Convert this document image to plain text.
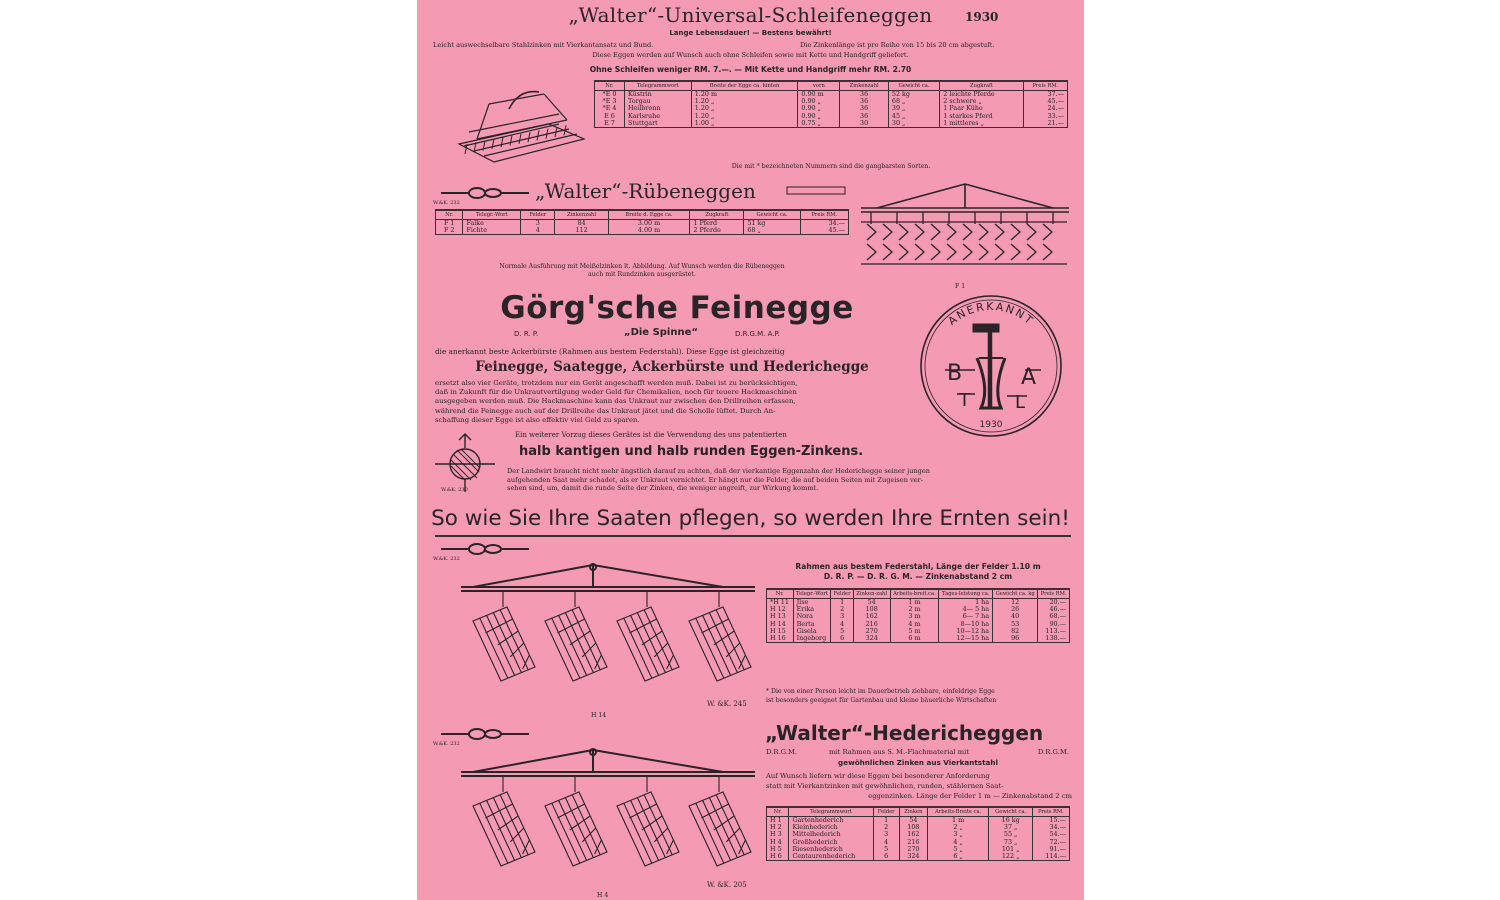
„Walter“-Universal-Schleifeneggen	1930
Lange Lebensdauer! — Bestens bewährt!
Leicht auswechselbare Stahlzinken mit Vierkantansatz und Bund.	Die Zinkenlänge ist pro Reihe von 15 bis 20 cm abgestuft.
Diese Eggen werden auf Wunsch auch ohne Schleifen sowie mit Kette und Handgriff geliefert.
Ohne Schleifen weniger RM. 7.—. — Mit Kette und Handgriff mehr RM. 2.70
Nr.	Telegrammwort	Breite der Egge ca. hinten	vorn	Zinkenzahl	Gewicht ca.	Zugkraft	Preis RM.
*E 0	Küstrin	1.20 m	0.90 m	36	52 kg	2 leichte Pferde	37.—
*E 3	Torgau	1.20 „	0.90 „	36	68 „	2 schwere „	45.—
*E 4	Heilbronn	1.20 „	0.90 „	36	39 „	1 Paar Kühe	24.—
E 6	Karlsruhe	1.20 „	0.90 „	36	45 „	1 starkes Pferd	33.—
E 7	Stuttgart	1.00 „	0.75 „	30	30 „	1 mittleres „	21.—
Die mit * bezeichneten Nummern sind die gangbarsten Sorten.
W.&K. 232	„Walter“-Rübeneggen
Nr.	Telegr.-Wort	Felder	Zinkenzahl	Breite d. Egge ca.	Zugkraft	Gewicht ca.	Preis RM.
F 1	Falke	3	84	3.00 m	1 Pferd	51 kg	34.—
F 2	Fichte	4	112	4.00 m	2 Pferde	68 „	45.—
Normale Ausführung mit Meißelzinken lt. Abbildung. Auf Wunsch werden die Rübeneggen
auch mit Rundzinken ausgerüstet.
F 1
Görg'sche Feinegge
D. R. P.	„Die Spinne“	D.R.G.M. A.P.
die anerkannt beste Ackerbürste (Rahmen aus bestem Federstahl). Diese Egge ist gleichzeitig
Feinegge, Saategge, Ackerbürste und Hederichegge
ersetzt also vier Geräte, trotzdem nur ein Gerät angeschafft werden muß. Dabei ist zu berücksichtigen,
daß in Zukunft für die Unkrautvertilgung weder Geld für Chemikalien, noch für teuere Hackmaschinen
ausgegeben werden muß. Die Hackmaschine kann das Unkraut nur zwischen den Drillreihen erfassen,
während die Feinegge auch auf der Drillreihe das Unkraut jätet und die Scholle lüftet. Durch An-
schaffung dieser Egge ist also effektiv viel Geld zu sparen.
Ein weiterer Vorzug dieses Gerätes ist die Verwendung des uns patentierten
halb kantigen und halb runden Eggen-Zinkens.
Der Landwirt braucht nicht mehr ängstlich darauf zu achten, daß der vierkantige Eggenzahn der Hederichegge seiner jungen
aufgehenden Saat mehr schadet, als er Unkraut vernichtet. Er hängt nur die Felder, die auf beiden Seiten mit Zugeisen ver-
sehen sind, um, damit die runde Seite der Zinken, die weniger angreift, zur Wirkung kommt.
W.&K. 230
ANERKANNT
B
T
A
L
1930
So wie Sie Ihre Saaten pflegen, so werden Ihre Ernten sein!
W.&K. 232
W. &K. 245
H 14
Rahmen aus bestem Federstahl, Länge der Felder 1.10 m
D. R. P. — D. R. G. M. — Zinkenabstand 2 cm
Nr.	Telegr.-Wort	Felder	Zinken-zahl	Arbeits-breit.ca.	Tages-leistung ca.	Gewicht ca. kg	Preis RM.
*H 11	Jlse	1	54	1 m	1 ha	12	20.—
H 12	Erika	2	108	2 m	4— 5 ha	26	46.—
H 13	Nora	3	162	3 m	6— 7 ha	40	68.—
H 14	Berta	4	216	4 m	8—10 ha	53	90.—
H 15	Gisela	5	270	5 m	10—12 ha	82	113.—
H 16	Ingeborg	6	324	6 m	12—15 ha	96	138.—
* Die von einer Person leicht im Dauerbetrieb ziehbare, einfeldrige Egge
ist besonders geeignet für Gartenbau und kleine bäuerliche Wirtschaften
W.&K. 232
W. &K. 205
H 4
„Walter“-Hederichеggen
D.R.G.M.	mit Rahmen aus S. M.-Flachmaterial mit	D.R.G.M.
gewöhnlichen Zinken aus Vierkantstahl
Auf Wunsch liefern wir diese Eggen bei besonderer Anforderung
statt mit Vierkantzinken mit gewöhnlichen, runden, stählernen Saat-
eggenzinken. Länge der Felder 1 m — Zinkenabstand 2 cm
Nr.	Telegrammwort	Felder	Zinken	Arbeits-Breite ca.	Gewicht ca.	Preis RM.
H 1	Gartenhederich	1	54	1 m	16 kg	15.—
H 2	Kleinhederich	2	108	2 „	37 „	34.—
H 3	Mittelhederich	3	162	3 „	55 „	54.—
H 4	Großhederich	4	216	4 „	73 „	72.—
H 5	Riesenhederich	5	270	5 „	101 „	91.—
H 6	Centaurenhederich	6	324	6 „	122 „	114.—
